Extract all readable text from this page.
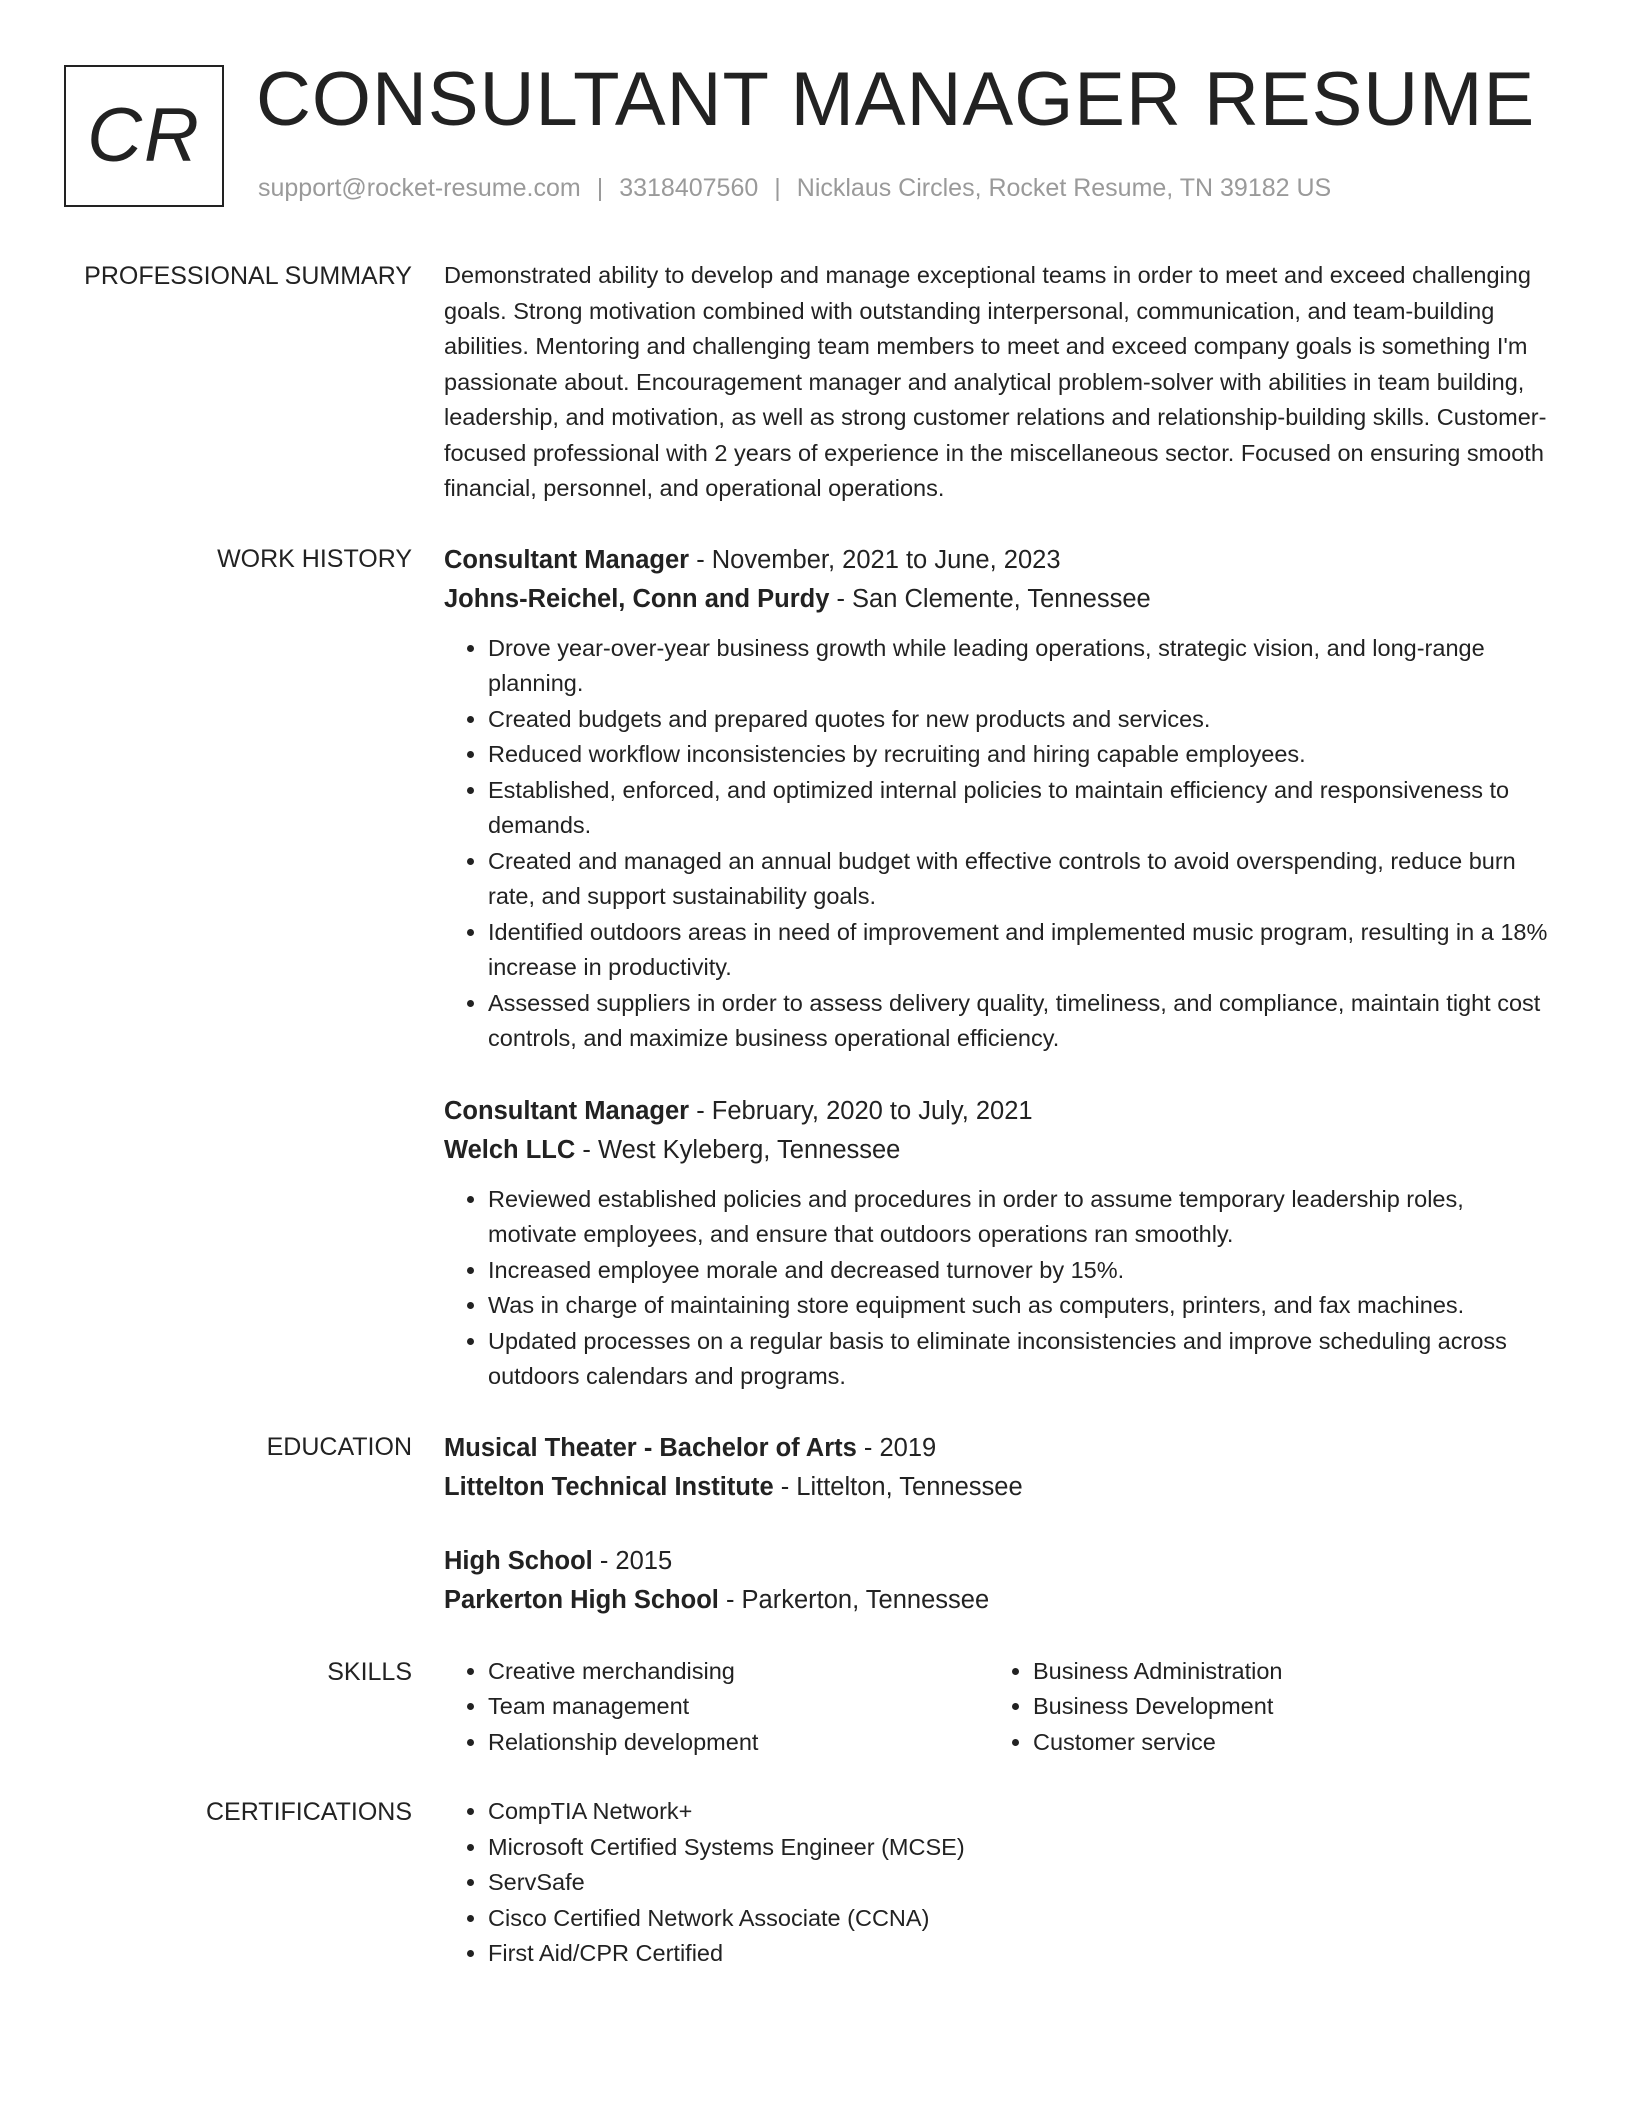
CR CONSULTANT MANAGER RESUME
support@rocket-resume.com | 3318407560 | Nicklaus Circles, Rocket Resume, TN 39182 US
PROFESSIONAL SUMMARY Demonstrated ability to develop and manage exceptional teams in order to meet and exceed challenging goals. Strong motivation combined with outstanding interpersonal, communication, and team-building abilities. Mentoring and challenging team members to meet and exceed company goals is something I'm passionate about. Encouragement manager and analytical problem-solver with abilities in team building, leadership, and motivation, as well as strong customer relations and relationship-building skills. Customer-focused professional with 2 years of experience in the miscellaneous sector. Focused on ensuring smooth financial, personnel, and operational operations.

WORK HISTORY Consultant Manager - November, 2021 to June, 2023
Johns-Reichel, Conn and Purdy - San Clemente, Tennessee
• Drove year-over-year business growth while leading operations, strategic vision, and long-range planning.
• Created budgets and prepared quotes for new products and services.
• Reduced workflow inconsistencies by recruiting and hiring capable employees.
• Established, enforced, and optimized internal policies to maintain efficiency and responsiveness to demands.
• Created and managed an annual budget with effective controls to avoid overspending, reduce burn rate, and support sustainability goals.
• Identified outdoors areas in need of improvement and implemented music program, resulting in a 18% increase in productivity.
• Assessed suppliers in order to assess delivery quality, timeliness, and compliance, maintain tight cost controls, and maximize business operational efficiency.
Consultant Manager - February, 2020 to July, 2021
Welch LLC - West Kyleberg, Tennessee
• Reviewed established policies and procedures in order to assume temporary leadership roles, motivate employees, and ensure that outdoors operations ran smoothly.
• Increased employee morale and decreased turnover by 15%.
• Was in charge of maintaining store equipment such as computers, printers, and fax machines.
• Updated processes on a regular basis to eliminate inconsistencies and improve scheduling across outdoors calendars and programs.
EDUCATION Musical Theater - Bachelor of Arts - 2019
Littelton Technical Institute - Littelton, Tennessee
High School - 2015
Parkerton High School - Parkerton, Tennessee
SKILLS	• Creative merchandising
• Team management
• Relationship development
• Business Administration
• Business Development
• Customer service
CERTIFICATIONS	• CompTIA Network+
• Microsoft Certified Systems Engineer (MCSE)
• ServSafe
• Cisco Certified Network Associate (CCNA)
• First Aid/CPR Certified
